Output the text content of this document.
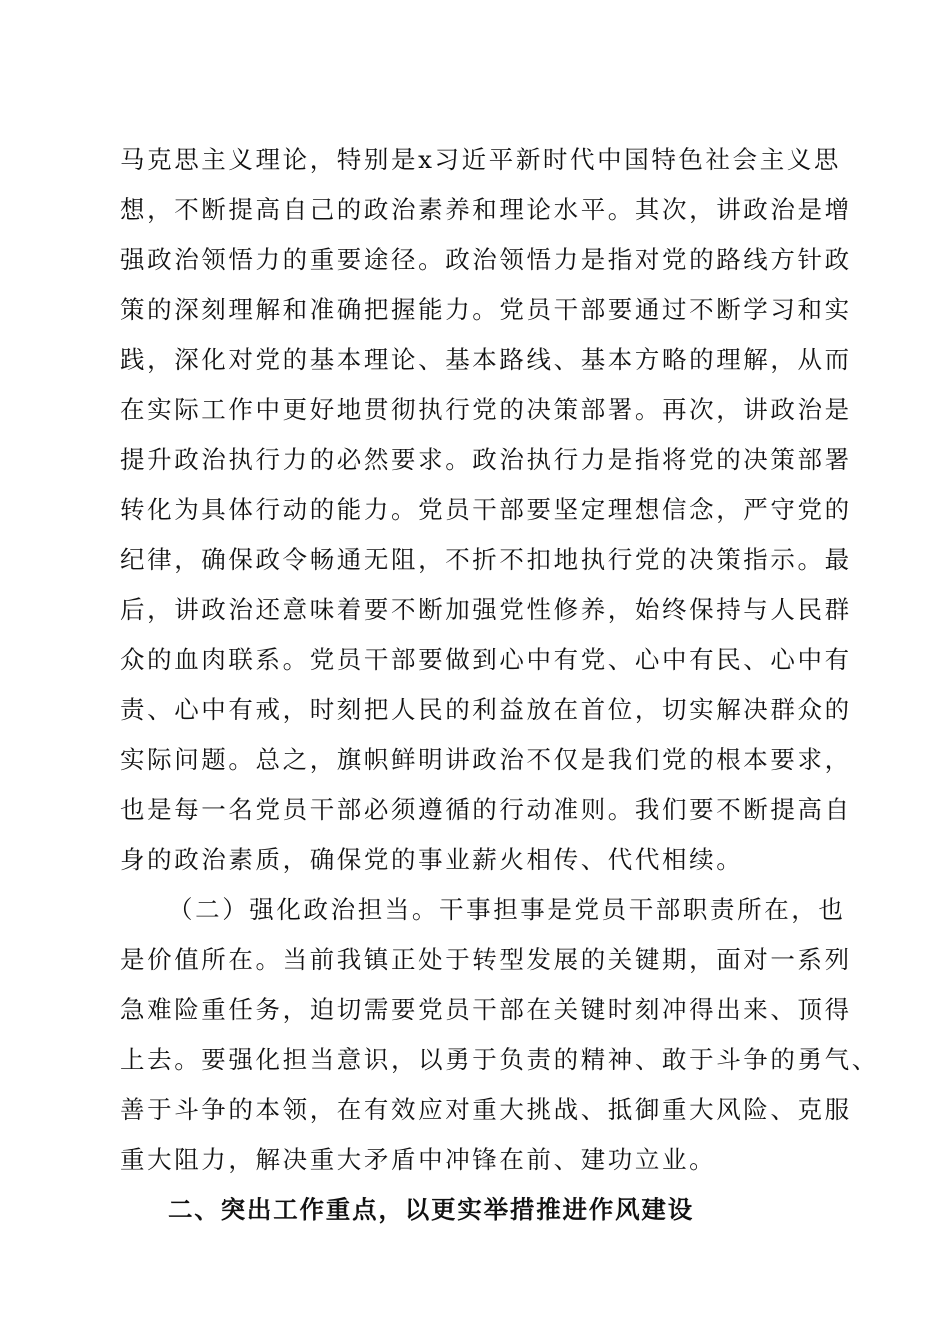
马克思主义理论，特别是x习近平新时代中国特色社会主义思
想，不断提高自己的政治素养和理论水平。其次，讲政治是增
强政治领悟力的重要途径。政治领悟力是指对党的路线方针政
策的深刻理解和准确把握能力。党员干部要通过不断学习和实
践，深化对党的基本理论、基本路线、基本方略的理解，从而
在实际工作中更好地贯彻执行党的决策部署。再次，讲政治是
提升政治执行力的必然要求。政治执行力是指将党的决策部署
转化为具体行动的能力。党员干部要坚定理想信念，严守党的
纪律，确保政令畅通无阻，不折不扣地执行党的决策指示。最
后，讲政治还意味着要不断加强党性修养，始终保持与人民群
众的血肉联系。党员干部要做到心中有党、心中有民、心中有
责、心中有戒，时刻把人民的利益放在首位，切实解决群众的
实际问题。总之，旗帜鲜明讲政治不仅是我们党的根本要求，
也是每一名党员干部必须遵循的行动准则。我们要不断提高自
身的政治素质，确保党的事业薪火相传、代代相续。
（二）强化政治担当。干事担事是党员干部职责所在，也
是价值所在。当前我镇正处于转型发展的关键期，面对一系列
急难险重任务，迫切需要党员干部在关键时刻冲得出来、顶得
上去。要强化担当意识，以勇于负责的精神、敢于斗争的勇气、
善于斗争的本领，在有效应对重大挑战、抵御重大风险、克服
重大阻力，解决重大矛盾中冲锋在前、建功立业。
二、突出工作重点，以更实举措推进作风建设
